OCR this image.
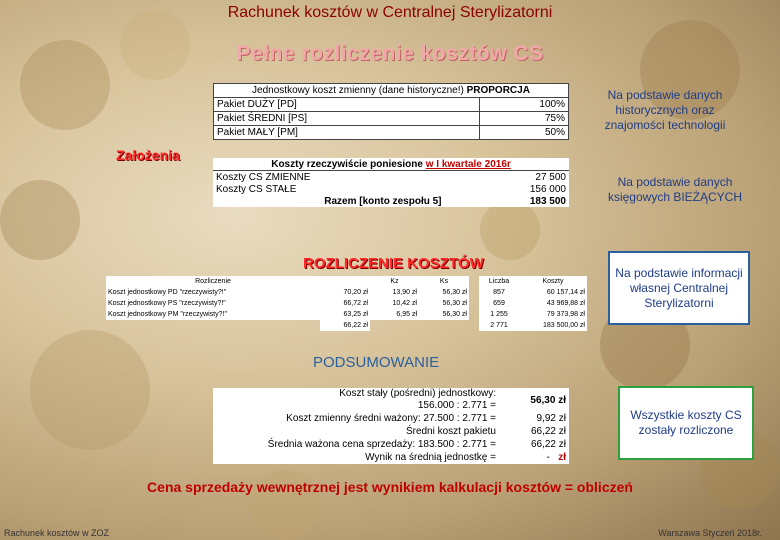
Rachunek kosztów w Centralnej Sterylizatorni
Pełne rozliczenie kosztów CS
Jednostkowy koszt zmienny (dane historyczne!) PROPORCJA	
Pakiet DUŻY [PD]	100%
Pakiet ŚREDNI [PS]	75%
Pakiet MAŁY [PM]	50%
Założenia
Koszty rzeczywiście poniesione w I kwartale 2016r	
Koszty CS ZMIENNE	27 500
Koszty CS STAŁE	156 000
Razem [konto zespołu 5]	183 500
ROZLICZENIE KOSZTÓW
Rozliczenie		Kz	Ks		Liczba	Koszty
Koszt jednostkowy PD "rzeczywisty?!"	70,20 zł	13,90 zł	56,30 zł		857	60 157,14 zł
Koszt jednostkowy PS "rzeczywisty?!"	66,72 zł	10,42 zł	56,30 zł		659	43 969,88 zł
Koszt jednostkowy PM "rzeczywisty?!"	63,25 zł	6,95 zł	56,30 zł		1 255	79 373,98 zł
	66,22 zł				2 771	183 500,00 zł
PODSUMOWANIE
Koszt stały (pośredni) jednostkowy:
156.000 : 2.771 =	56,30 zł
Koszt zmienny średni ważony: 27.500 : 2.771 =	9,92 zł
Średni koszt pakietu	66,22 zł
Średnia ważona cena sprzedaży: 183.500 : 2.771 =	66,22 zł
Wynik na średnią jednostkę =	- zł
Na podstawie danych historycznych oraz znajomości technologii
Na podstawie danych księgowych BIEŻĄCYCH
Na podstawie informacji własnej Centralnej Sterylizatorni
Wszystkie koszty CS zostały rozliczone
Cena sprzedaży wewnętrznej jest wynikiem kalkulacji kosztów = obliczeń
Rachunek kosztów w ZOZ	Warszawa Styczeń 2018r.
